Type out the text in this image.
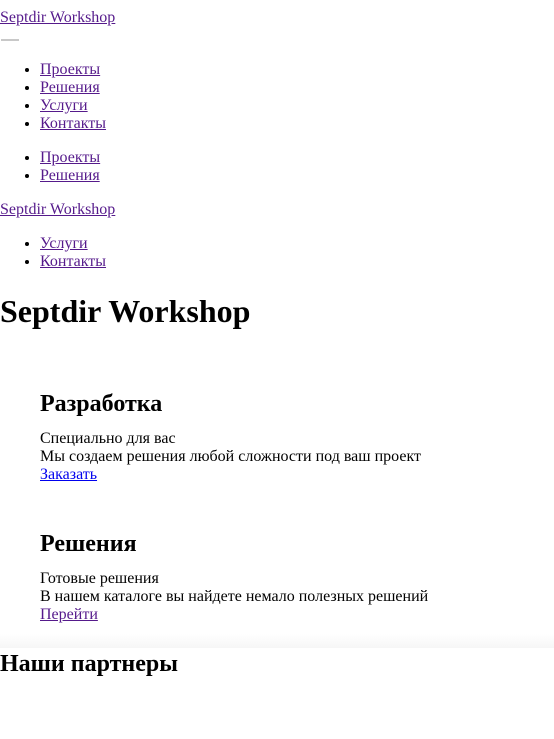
Septdir Workshop
• Проекты
• Решения
• Услуги
• Контакты
• Проекты
• Решения
Septdir Workshop
• Услуги
• Контакты
Septdir Workshop
Разработка
Специально для вас
Мы создаем решения любой сложности под ваш проект
Заказать
Решения
Готовые решения
В нашем каталоге вы найдете немало полезных решений
Перейти
Наши партнеры
